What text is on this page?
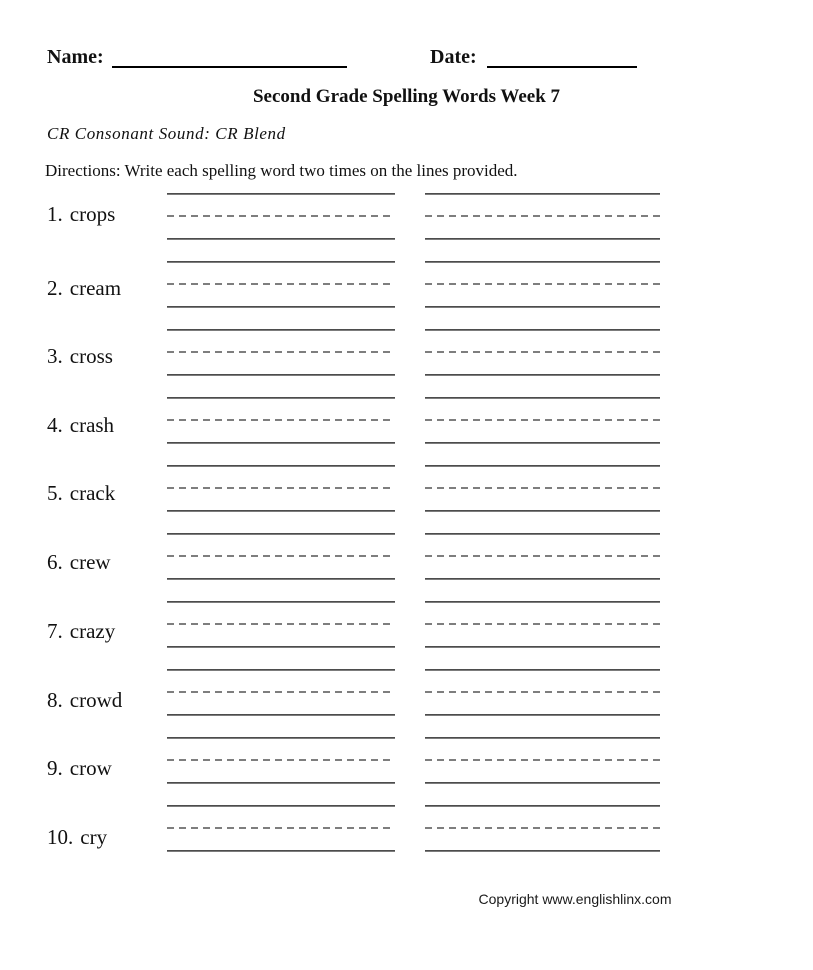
Name:	Date:
Second Grade Spelling Words Week 7
CR Consonant Sound: CR Blend
Directions: Write each spelling word two times on the lines provided.
1. crops
2. cream
3. cross
4. crash
5. crack
6. crew
7. crazy
8. crowd
9. crow
10. cry
Copyright www.englishlinx.com
